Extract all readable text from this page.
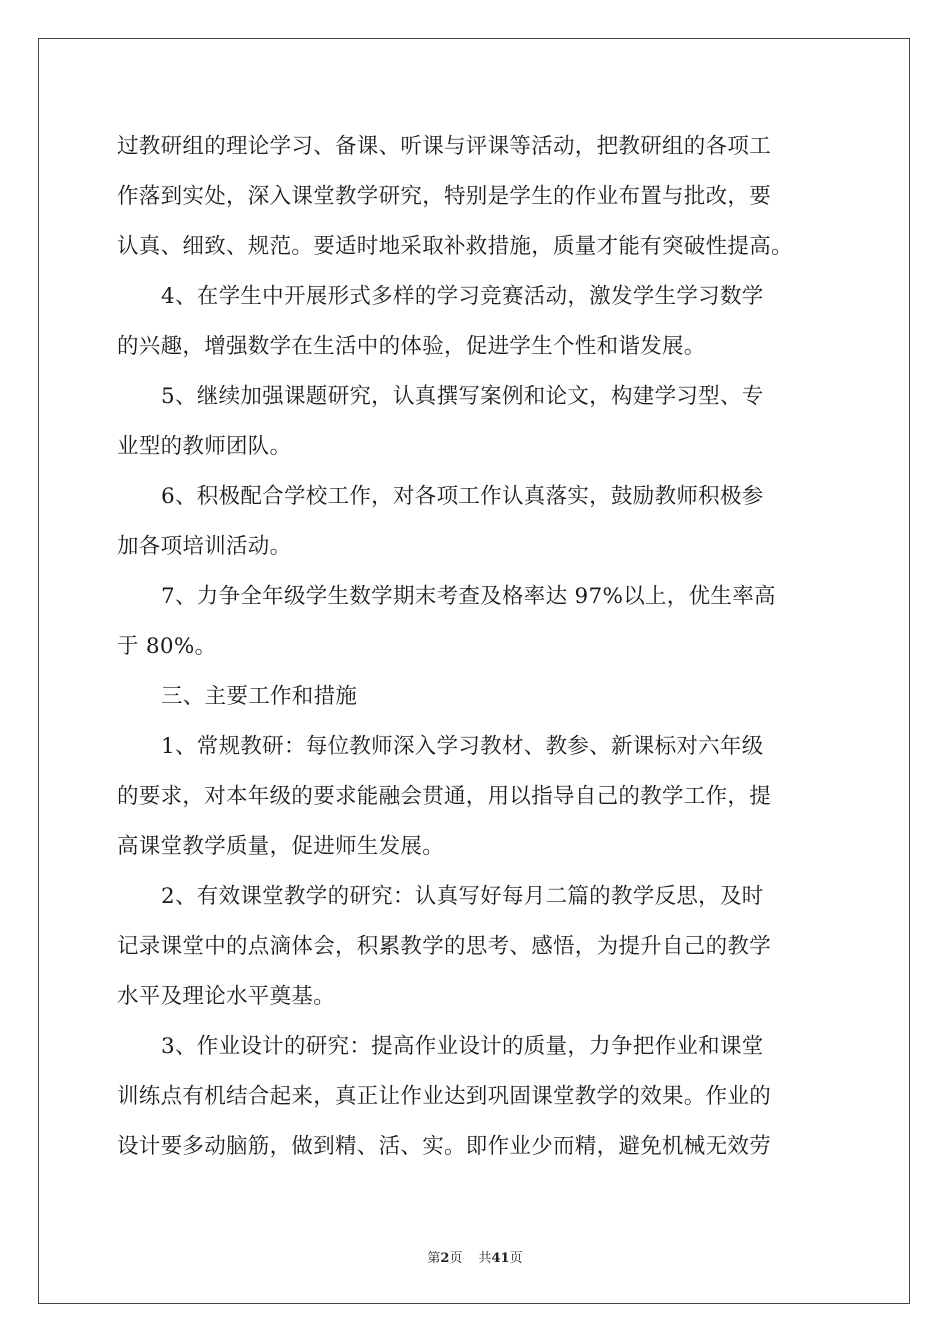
过教研组的理论学习、备课、听课与评课等活动，把教研组的各项工
作落到实处，深入课堂教学研究，特别是学生的作业布置与批改，要
认真、细致、规范。要适时地采取补救措施，质量才能有突破性提高。
4、在学生中开展形式多样的学习竞赛活动，激发学生学习数学
的兴趣，增强数学在生活中的体验，促进学生个性和谐发展。
5、继续加强课题研究，认真撰写案例和论文，构建学习型、专
业型的教师团队。
6、积极配合学校工作，对各项工作认真落实，鼓励教师积极参
加各项培训活动。
7、力争全年级学生数学期末考查及格率达 97%以上，优生率高
于 80%。
三、主要工作和措施
1、常规教研：每位教师深入学习教材、教参、新课标对六年级
的要求，对本年级的要求能融会贯通，用以指导自己的教学工作，提
高课堂教学质量，促进师生发展。
2、有效课堂教学的研究：认真写好每月二篇的教学反思，及时
记录课堂中的点滴体会，积累教学的思考、感悟，为提升自己的教学
水平及理论水平奠基。
3、作业设计的研究：提高作业设计的质量，力争把作业和课堂
训练点有机结合起来，真正让作业达到巩固课堂教学的效果。作业的
设计要多动脑筋，做到精、活、实。即作业少而精，避免机械无效劳
第2页 共41页
